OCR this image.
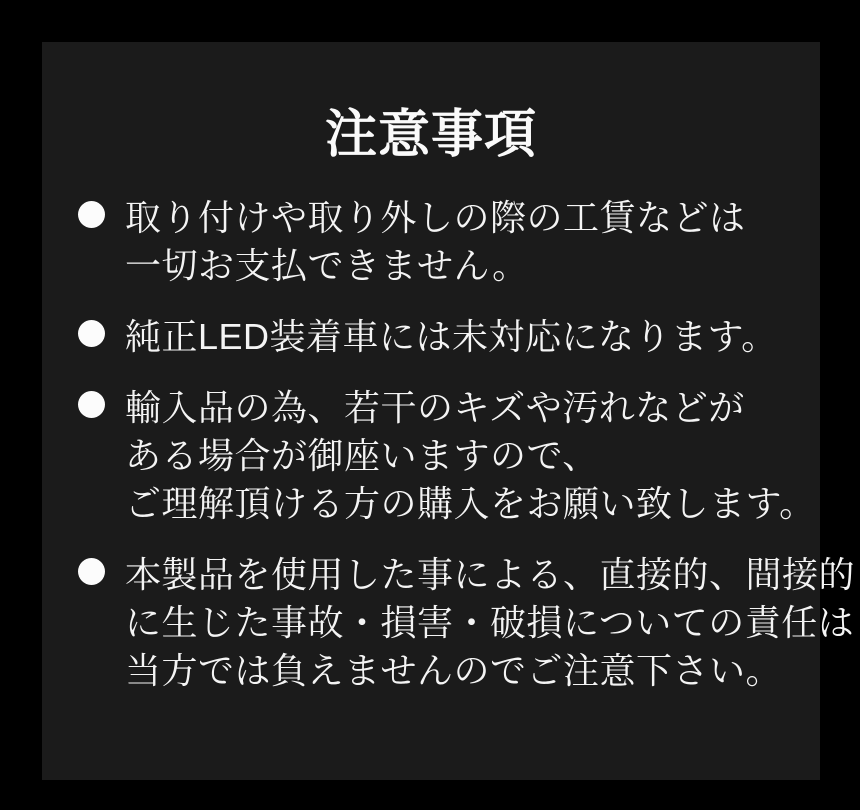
注意事項
取り付けや取り外しの際の工賃などは
一切お支払できません。
純正LED装着車には未対応になります。
輸入品の為、若干のキズや汚れなどが
ある場合が御座いますので、
ご理解頂ける方の購入をお願い致します。
本製品を使用した事による、直接的、間接的
に生じた事故・損害・破損についての責任は
当方では負えませんのでご注意下さい。
